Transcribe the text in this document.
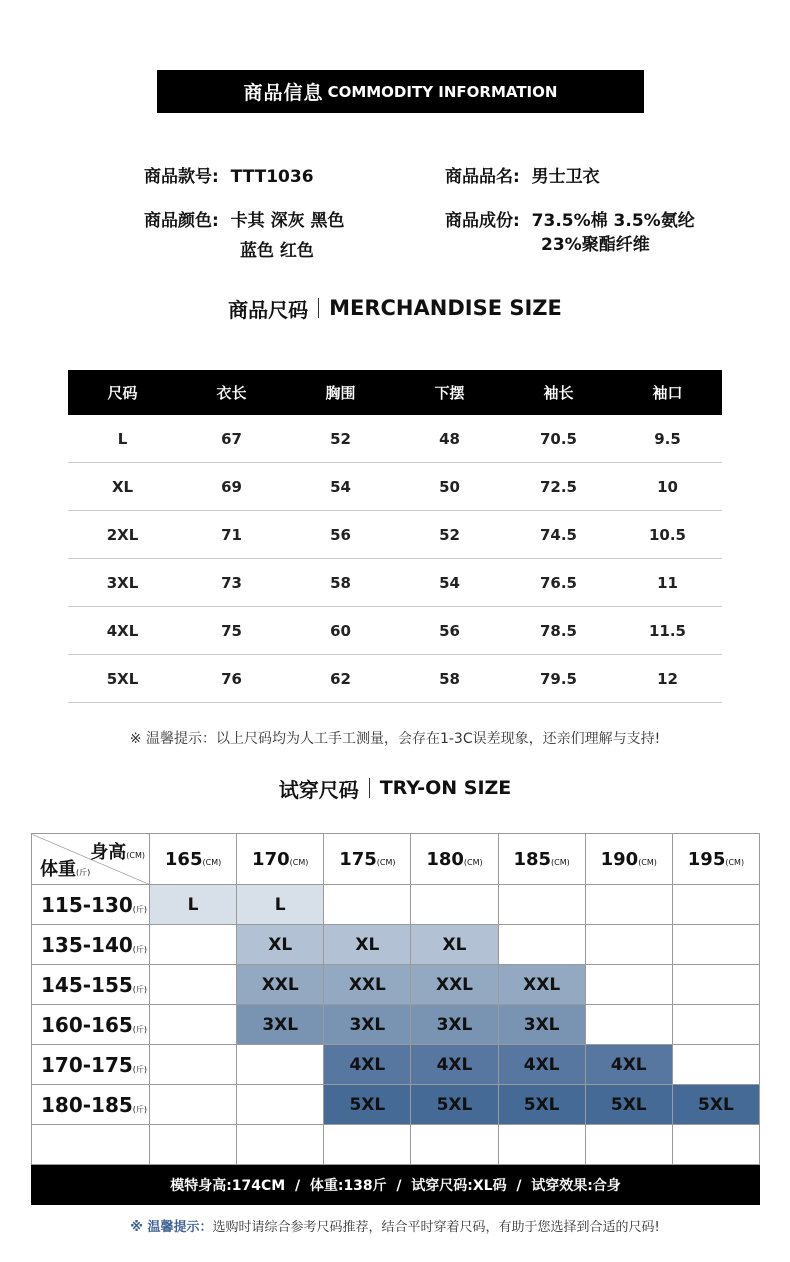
商品信息 COMMODITY INFORMATION
商品款号: TTT1036	商品品名: 男士卫衣
商品颜色: 卡其 深灰 黑色
蓝色 红色
商品成份: 73.5%棉 3.5%氨纶
23%聚酯纤维
商品尺码 MERCHANDISE SIZE
尺码	衣长	胸围	下摆	袖长	袖口
L	67	52	48	70.5	9.5
XL	69	54	50	72.5	10
2XL	71	56	52	74.5	10.5
3XL	73	58	54	76.5	11
4XL	75	60	56	78.5	11.5
5XL	76	62	58	79.5	12
※ 温馨提示：以上尺码均为人工手工测量，会存在1-3C误差现象，还亲们理解与支持!
试穿尺码 TRY-ON SIZE
身高(CM)
体重(斤)	165(CM)	170(CM)	175(CM)	180(CM)	185(CM)	190(CM)	195(CM)
115-130(斤)	L	L					
135-140(斤)		XL	XL	XL			
145-155(斤)		XXL	XXL	XXL	XXL		
160-165(斤)		3XL	3XL	3XL	3XL		
170-175(斤)			4XL	4XL	4XL	4XL	
180-185(斤)			5XL	5XL	5XL	5XL	5XL

模特身高:174CM  /  体重:138斤  /  试穿尺码:XL码  /  试穿效果:合身
※ 温馨提示：选购时请综合参考尺码推荐，结合平时穿着尺码，有助于您选择到合适的尺码!
